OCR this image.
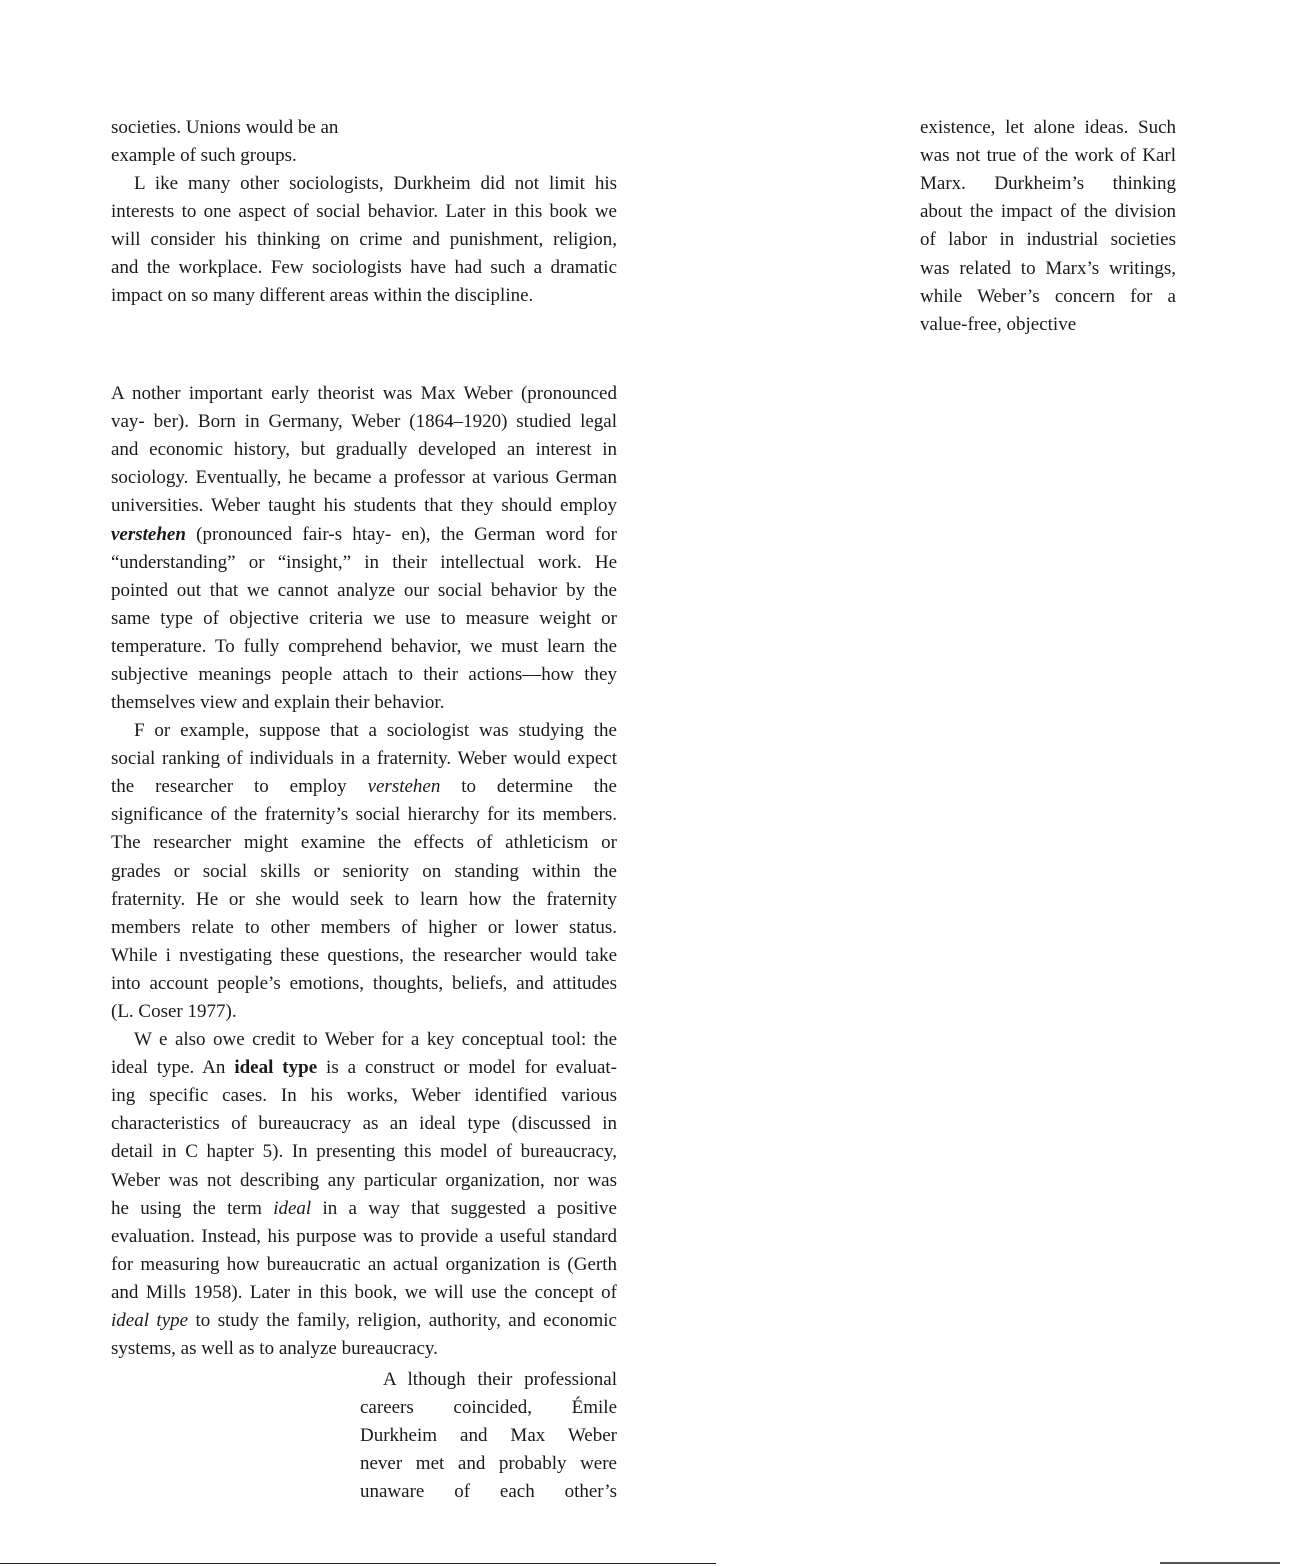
societies. Unions would be an
example of such groups.
L ike many other sociologists, Durkheim did not limit his
interests to one aspect of social behavior. Later in this book we
will consider his thinking on crime and punishment, religion,
and the workplace. Few sociologists have had such a dramatic
impact on so many different areas within the discipline.
A nother important early theorist was Max Weber (pronounced
vay- ber). Born in Germany, Weber (1864–1920) studied legal
and economic history, but gradually developed an interest in
sociology. Eventually, he became a professor at various German
universities. Weber taught his students that they should employ
verstehen (pronounced fair-s htay- en), the German word for
“understanding” or “insight,” in their intellectual work. He
pointed out that we cannot analyze our social behavior by the
same type of objective criteria we use to measure weight or
temperature. To fully comprehend behavior, we must learn the
subjective meanings people attach to their actions—how they
themselves view and explain their behavior.
F or example, suppose that a sociologist was studying the
social ranking of individuals in a fraternity. Weber would expect
the researcher to employ verstehen to determine the
significance of the fraternity’s social hierarchy for its members.
The researcher might examine the effects of athleticism or
grades or social skills or seniority on standing within the
fraternity. He or she would seek to learn how the fraternity
members relate to other members of higher or lower status.
While i nvestigating these questions, the researcher would take
into account people’s emotions, thoughts, beliefs, and attitudes
(L. Coser 1977).
W e also owe credit to Weber for a key conceptual tool: the
ideal type. An ideal type is a construct or model for evaluat-
ing specific cases. In his works, Weber identified various
characteristics of bureaucracy as an ideal type (discussed in
detail in C hapter 5). In presenting this model of bureaucracy,
Weber was not describing any particular organization, nor was
he using the term ideal in a way that suggested a positive
evaluation. Instead, his purpose was to provide a useful standard
for measuring how bureaucratic an actual organization is (Gerth
and Mills 1958). Later in this book, we will use the concept of
ideal type to study the family, religion, authority, and economic
systems, as well as to analyze bureaucracy.
A lthough their professional
careers coincided, Émile
Durkheim and Max Weber
never met and probably were
unaware of each other’s
existence, let alone ideas. Such
was not true of the work of Karl
Marx. Durkheim’s thinking
about the impact of the division
of labor in industrial societies
was related to Marx’s writings,
while Weber’s concern for a
value-free, objective
